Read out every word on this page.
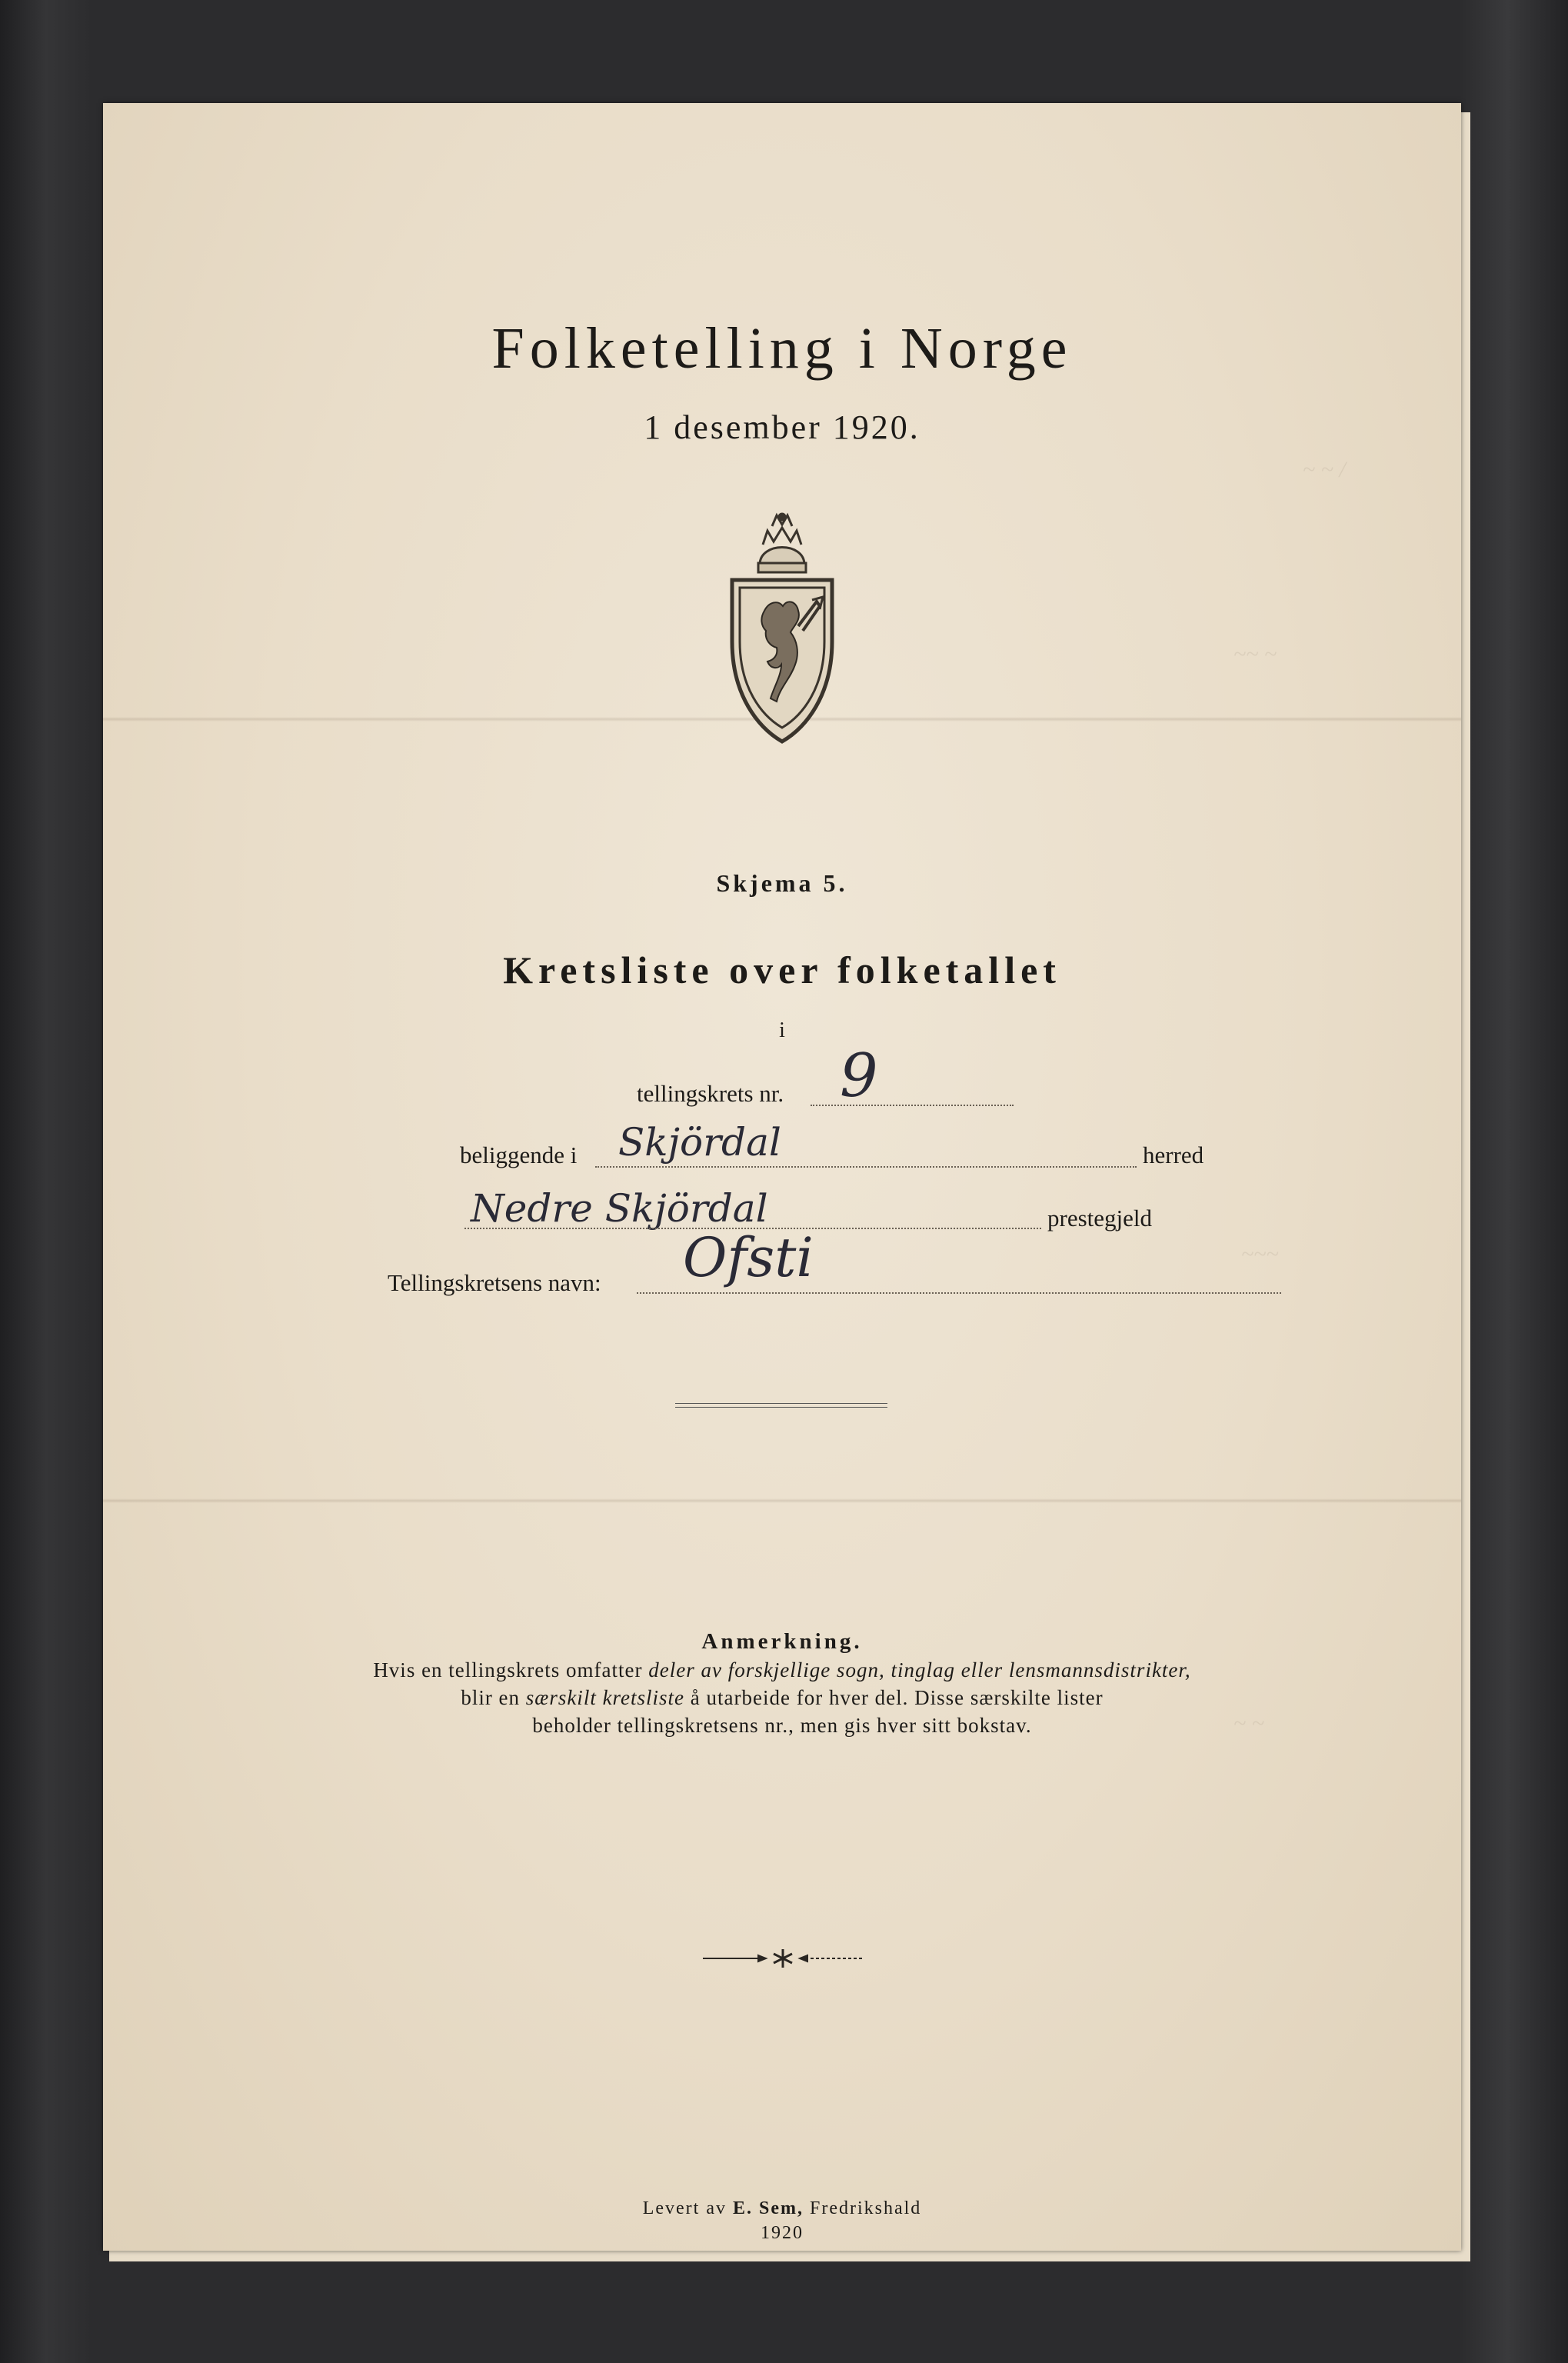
~ ~ /
~~ ~
~~~
~ ~
Folketelling i Norge
1 desember 1920.
Skjema 5.
Kretsliste over folketallet
i
tellingskrets nr. 9
beliggende i Skjördal	herred
Nedre Skjördal	prestegjeld
Tellingskretsens navn: Ofsti
Anmerkning.
Hvis en tellingskrets omfatter deler av forskjellige sogn, tinglag eller lensmannsdistrikter,
blir en særskilt kretsliste å utarbeide for hver del. Disse særskilte lister
beholder tellingskretsens nr., men gis hver sitt bokstav.
Levert av E. Sem, Fredrikshald
1920
